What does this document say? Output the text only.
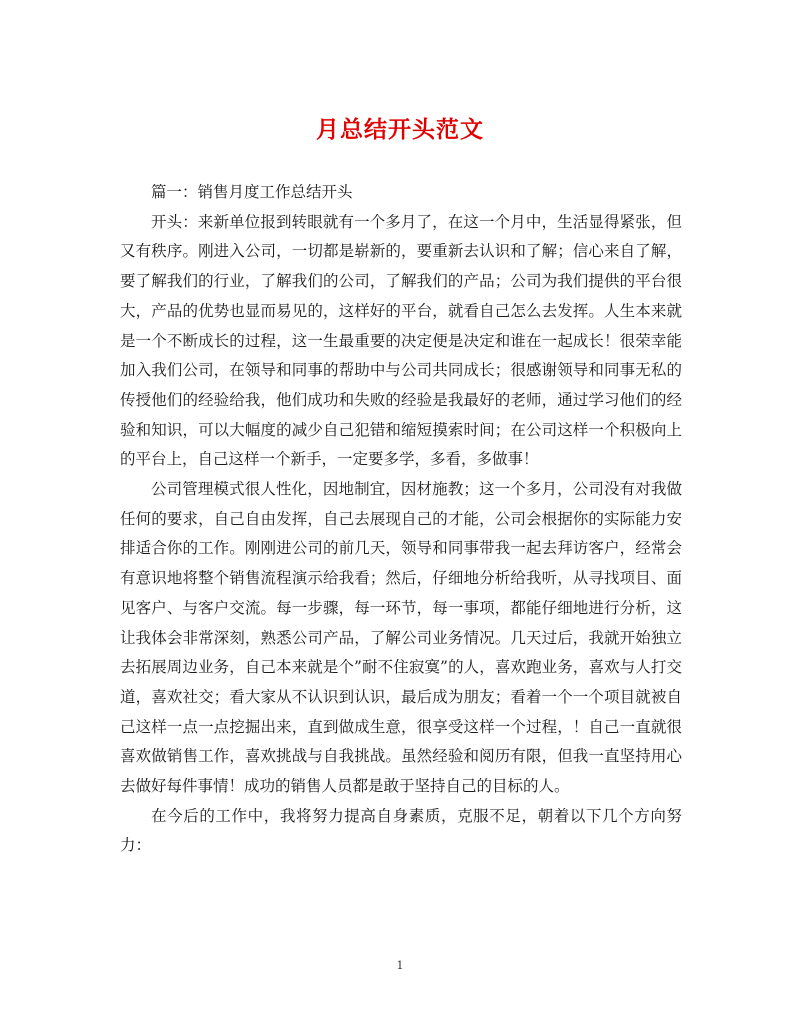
月总结开头范文

篇一：销售月度工作总结开头

开头：来新单位报到转眼就有一个多月了，在这一个月中，生活显得紧张，但又有秩序。刚进入公司，一切都是崭新的，要重新去认识和了解；信心来自了解，要了解我们的行业，了解我们的公司，了解我们的产品；公司为我们提供的平台很大，产品的优势也显而易见的，这样好的平台，就看自己怎么去发挥。人生本来就是一个不断成长的过程，这一生最重要的决定便是决定和谁在一起成长！很荣幸能加入我们公司，在领导和同事的帮助中与公司共同成长；很感谢领导和同事无私的传授他们的经验给我，他们成功和失败的经验是我最好的老师，通过学习他们的经验和知识，可以大幅度的减少自己犯错和缩短摸索时间；在公司这样一个积极向上的平台上，自己这样一个新手，一定要多学，多看，多做事！

公司管理模式很人性化，因地制宜，因材施教；这一个多月，公司没有对我做任何的要求，自己自由发挥，自己去展现自己的才能，公司会根据你的实际能力安排适合你的工作。刚刚进公司的前几天，领导和同事带我一起去拜访客户，经常会有意识地将整个销售流程演示给我看；然后，仔细地分析给我听，从寻找项目、面见客户、与客户交流。每一步骤，每一环节，每一事项，都能仔细地进行分析，这让我体会非常深刻，熟悉公司产品，了解公司业务情况。几天过后，我就开始独立去拓展周边业务，自己本来就是个”耐不住寂寞”的人，喜欢跑业务，喜欢与人打交道，喜欢社交；看大家从不认识到认识，最后成为朋友；看着一个一个项目就被自己这样一点一点挖掘出来，直到做成生意，很享受这样一个过程，！自己一直就很喜欢做销售工作，喜欢挑战与自我挑战。虽然经验和阅历有限，但我一直坚持用心去做好每件事情！成功的销售人员都是敢于坚持自己的目标的人。

在今后的工作中，我将努力提高自身素质，克服不足，朝着以下几个方向努力：

1
